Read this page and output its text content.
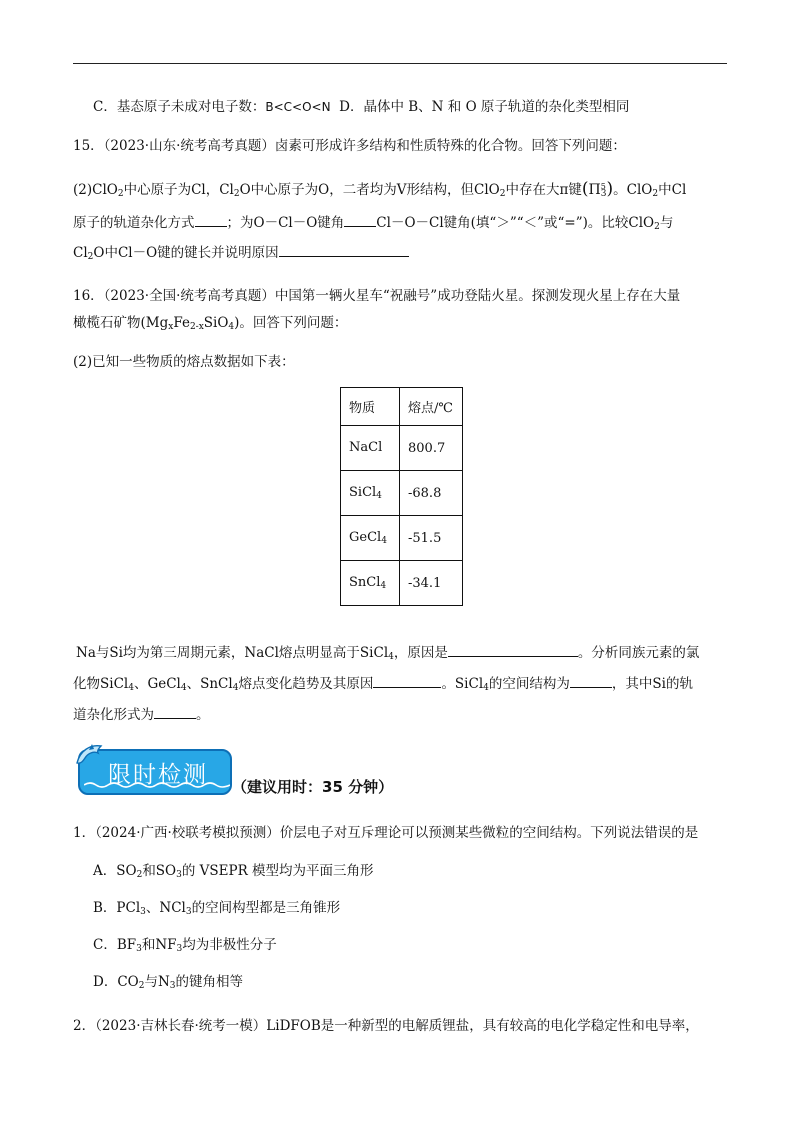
C．基态原子未成对电子数：B<C<O<N D．晶体中 B、N 和 O 原子轨道的杂化类型相同
15．（2023·山东·统考高考真题）卤素可形成许多结构和性质特殊的化合物。回答下列问题：
(2)ClO$_2$中心原子为Cl，$Cl_2O$中心原子为O，二者均为V形结构，但ClO$_2$中存在大π键$(\Pi^5_3)$。ClO$_2$中Cl
原子的轨道杂化方式 ；为O－Cl－O键角 Cl－O－Cl键角(填“＞”“＜”或“=”)。比较ClO$_2$与
$Cl_2O$中Cl－O键的键长并说明原因
16．（2023·全国·统考高考真题）中国第一辆火星车“祝融号”成功登陆火星。探测发现火星上存在大量
橄榄石矿物$(Mg_xFe_{2-x}SiO_4)$。回答下列问题：
(2)已知一些物质的熔点数据如下表：
物质	熔点/℃
NaCl	800.7
SiCl$_4$	-68.8
GeCl$_4$	-51.5
SnCl$_4$	-34.1
Na与Si均为第三周期元素，NaCl熔点明显高于SiCl$_4$，原因是	。分析同族元素的氯
化物SiCl$_4$、GeCl$_4$、SnCl$_4$熔点变化趋势及其原因	。SiCl$_4$的空间结构为	，其中Si的轨
道杂化形式为	。
限时检测 （建议用时：35 分钟）
1．（2024·广西·校联考模拟预测）价层电子对互斥理论可以预测某些微粒的空间结构。下列说法错误的是
A．$SO_2$和$SO_3$的 VSEPR 模型均为平面三角形
B．PCl$_3$、NCl$_3$的空间构型都是三角锥形
C．$BF_3$和$NF_3$均为非极性分子
D．$CO_2$与$N_3$的键角相等
2．（2023·吉林长春·统考一模）LiDFOB是一种新型的电解质锂盐，具有较高的电化学稳定性和电导率，
